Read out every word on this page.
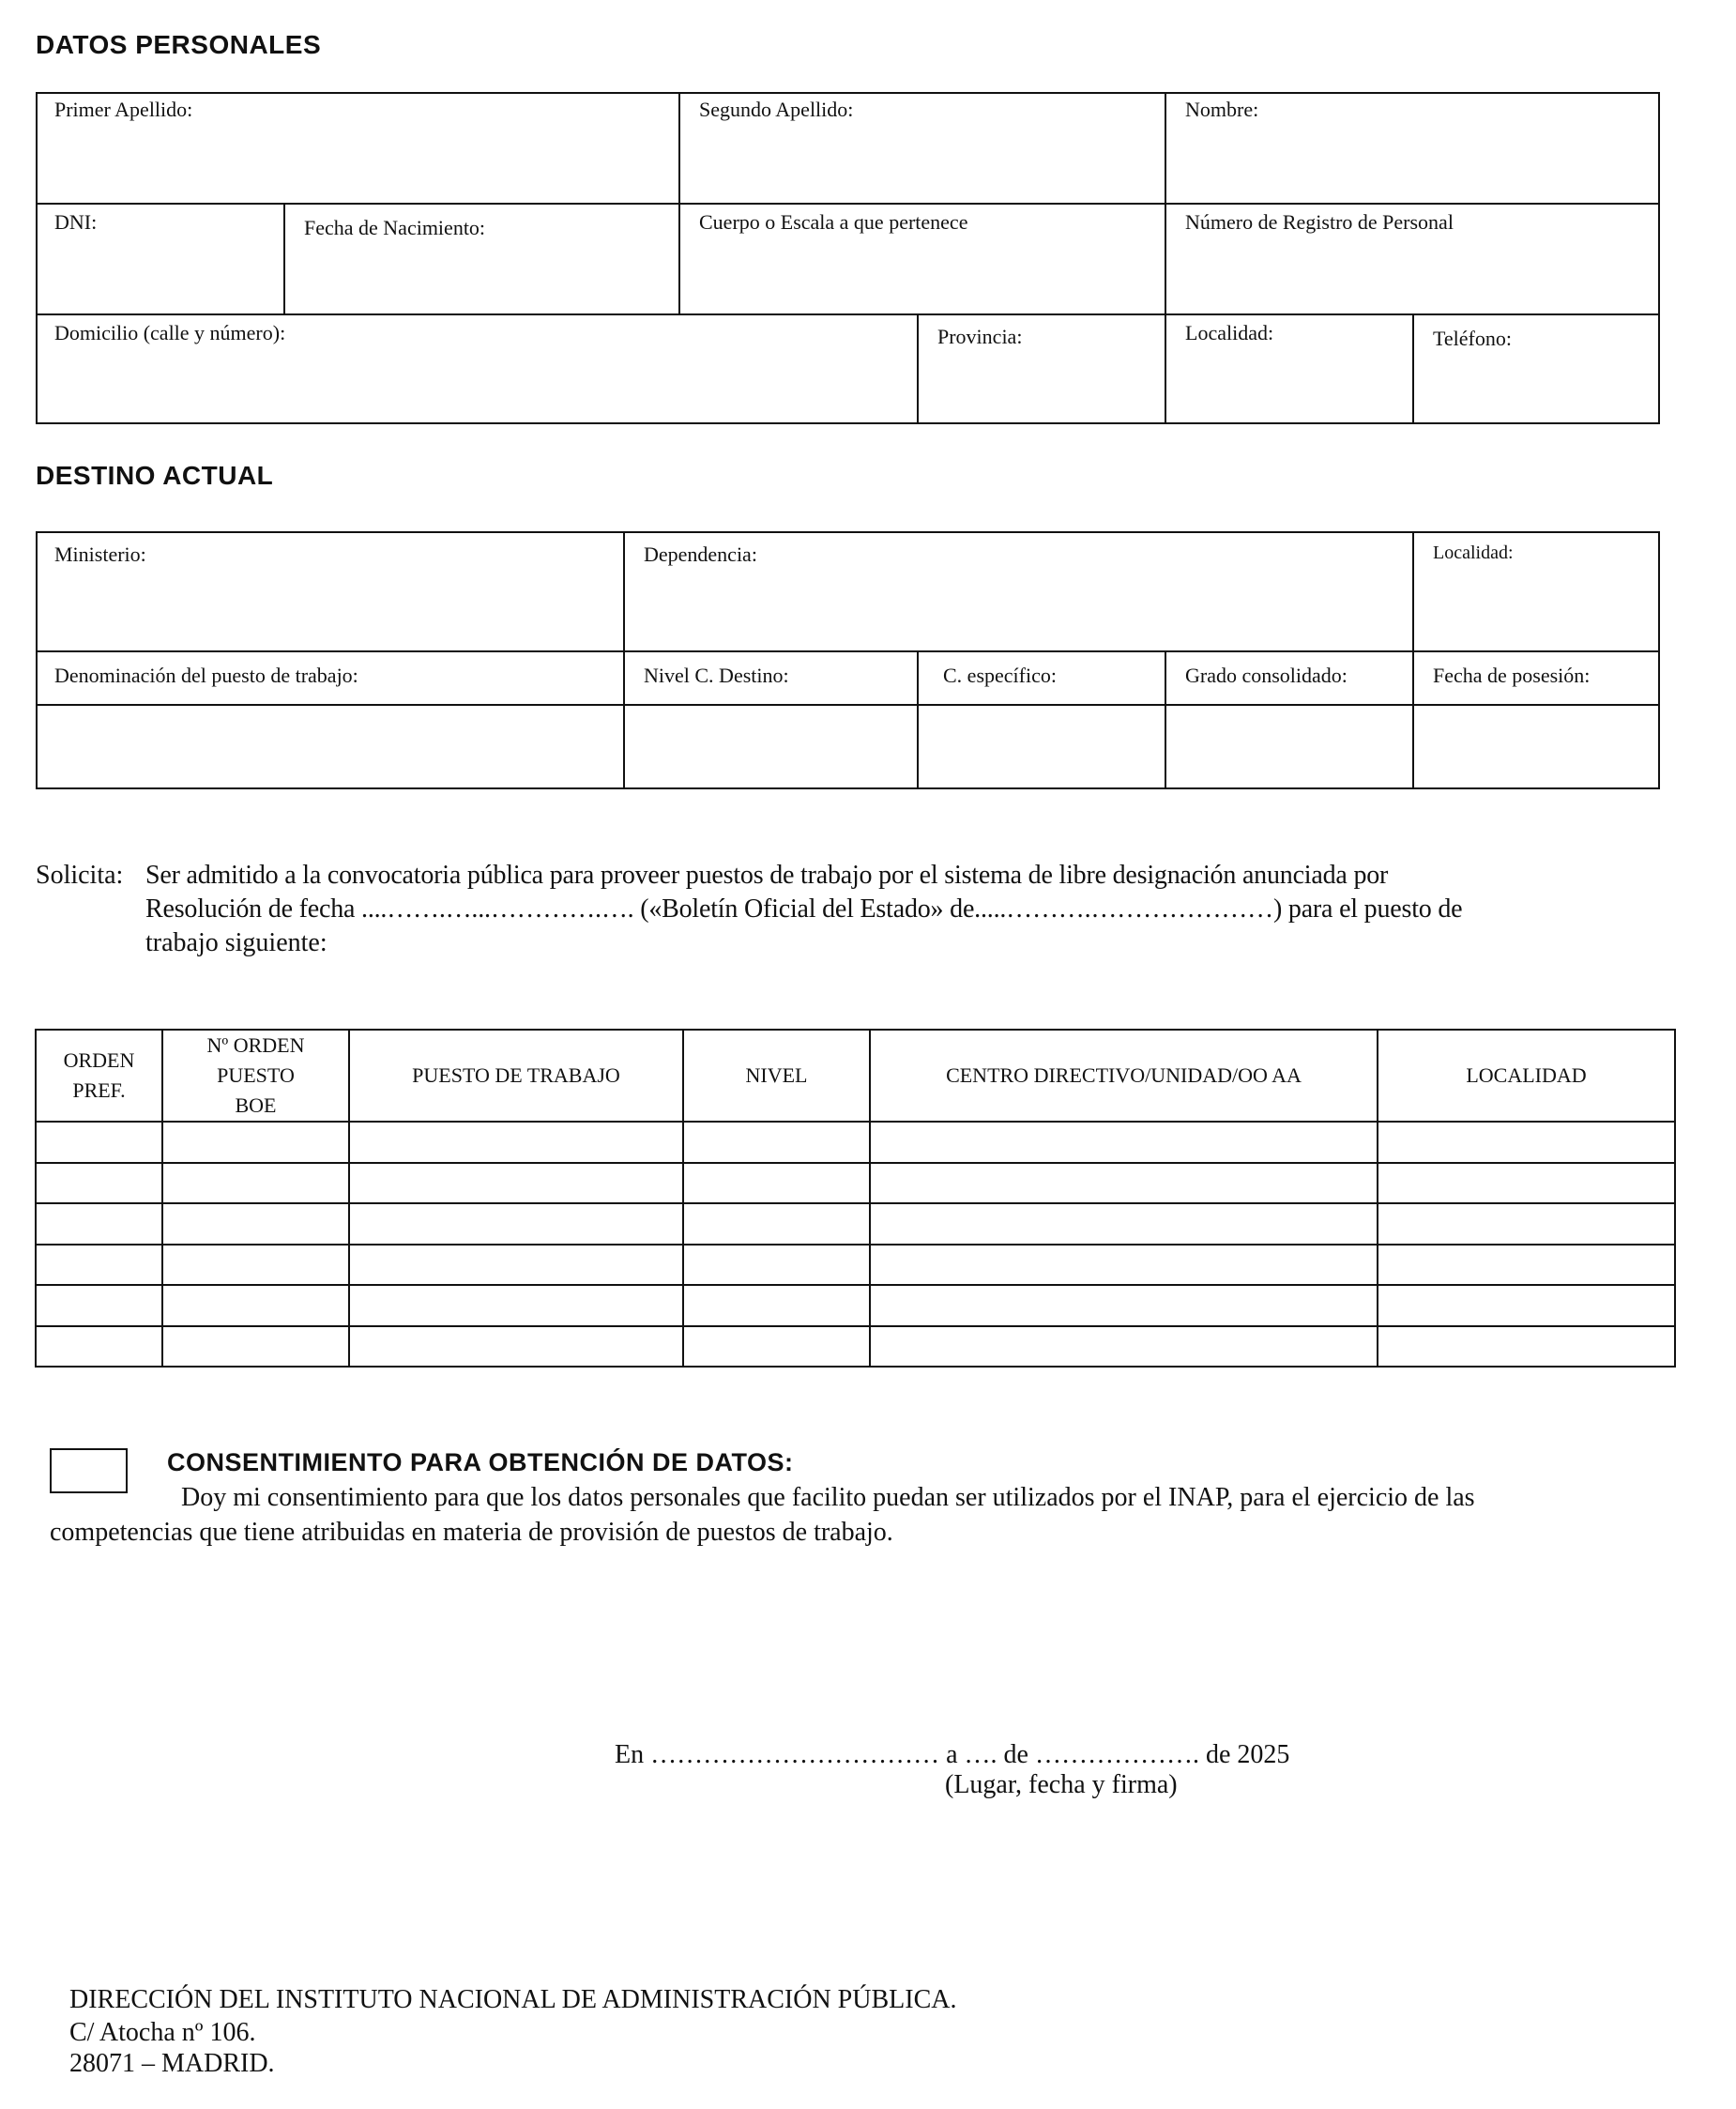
DATOS PERSONALES
Primer Apellido:	Segundo Apellido:	Nombre:
DNI:	Fecha de Nacimiento:	Cuerpo o Escala a que pertenece	Número de Registro de Personal
Domicilio (calle y número):	Provincia:	Localidad:	Teléfono:
DESTINO ACTUAL
Ministerio:	Dependencia:	Localidad:
Denominación del puesto de trabajo:	Nivel C. Destino:	C. específico:	Grado consolidado:	Fecha de posesión:
Solicita: Ser admitido a la convocatoria pública para proveer puestos de trabajo por el sistema de libre designación anunciada por
Resolución de fecha ....…….…...………….…. («Boletín Oficial del Estado» de.....……….…………………) para el puesto de
trabajo siguiente:
ORDEN PREF.	Nº ORDEN PUESTO BOE	PUESTO DE TRABAJO	NIVEL	CENTRO DIRECTIVO/UNIDAD/OO AA	LOCALIDAD

CONSENTIMIENTO PARA OBTENCIÓN DE DATOS:
Doy mi consentimiento para que los datos personales que facilito puedan ser utilizados por el INAP, para el ejercicio de las
competencias que tiene atribuidas en materia de provisión de puestos de trabajo.
En …………………………… a …. de ………………. de 2025
(Lugar, fecha y firma)
DIRECCIÓN DEL INSTITUTO NACIONAL DE ADMINISTRACIÓN PÚBLICA.
C/ Atocha nº 106.
28071 – MADRID.
